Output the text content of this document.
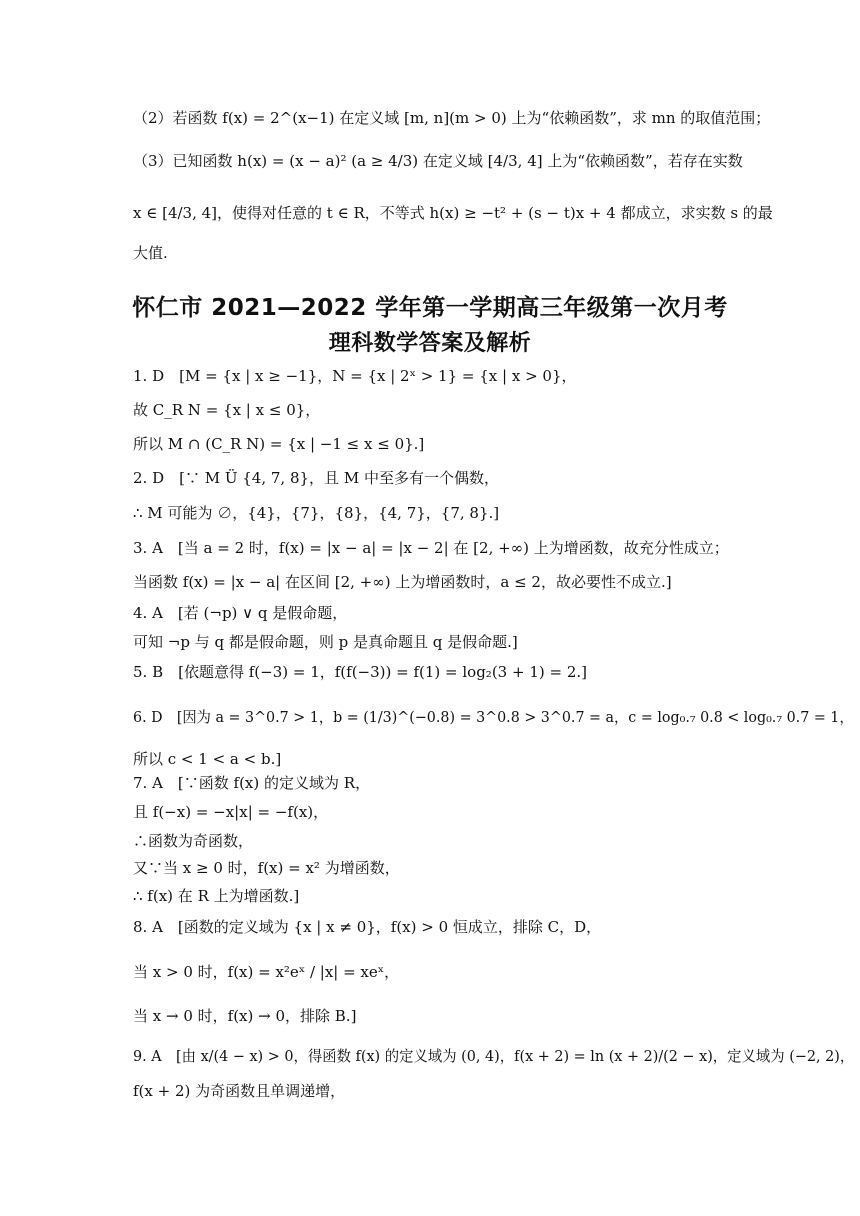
（2）若函数 f(x) = 2^(x−1) 在定义域 [m, n](m > 0) 上为“依赖函数”，求 mn 的取值范围；
（3）已知函数 h(x) = (x − a)² (a ≥ 4/3) 在定义域 [4/3, 4] 上为“依赖函数”，若存在实数
x ∈ [4/3, 4]，使得对任意的 t ∈ R，不等式 h(x) ≥ −t² + (s − t)x + 4 都成立，求实数 s 的最
大值.
怀仁市 2021—2022 学年第一学期高三年级第一次月考
理科数学答案及解析
1. D　[M = {x | x ≥ −1}，N = {x | 2ˣ > 1} = {x | x > 0}，
故 C_R N = {x | x ≤ 0}，
所以 M ∩ (C_R N) = {x | −1 ≤ x ≤ 0}.]
2. D　[∵ M Ü {4, 7, 8}，且 M 中至多有一个偶数，
∴ M 可能为 ∅，{4}，{7}，{8}，{4, 7}，{7, 8}.]
3. A　[当 a = 2 时，f(x) = |x − a| = |x − 2| 在 [2, +∞) 上为增函数，故充分性成立；
当函数 f(x) = |x − a| 在区间 [2, +∞) 上为增函数时，a ≤ 2，故必要性不成立.]
4. A　[若 (¬p) ∨ q 是假命题，
可知 ¬p 与 q 都是假命题，则 p 是真命题且 q 是假命题.]
5. B　[依题意得 f(−3) = 1，f(f(−3)) = f(1) = log₂(3 + 1) = 2.]
6. D　[因为 a = 3^0.7 > 1，b = (1/3)^(−0.8) = 3^0.8 > 3^0.7 = a，c = log₀.₇ 0.8 < log₀.₇ 0.7 = 1，
所以 c < 1 < a < b.]
7. A　[∵函数 f(x) 的定义域为 R，
且 f(−x) = −x|x| = −f(x)，
∴函数为奇函数，
又∵当 x ≥ 0 时，f(x) = x² 为增函数，
∴ f(x) 在 R 上为增函数.]
8. A　[函数的定义域为 {x | x ≠ 0}，f(x) > 0 恒成立，排除 C，D，
当 x > 0 时，f(x) = x²eˣ / |x| = xeˣ，
当 x → 0 时，f(x) → 0，排除 B.]
9. A　[由 x/(4 − x) > 0，得函数 f(x) 的定义域为 (0, 4)，f(x + 2) = ln (x + 2)/(2 − x)，定义域为 (−2, 2)，
f(x + 2) 为奇函数且单调递增，
